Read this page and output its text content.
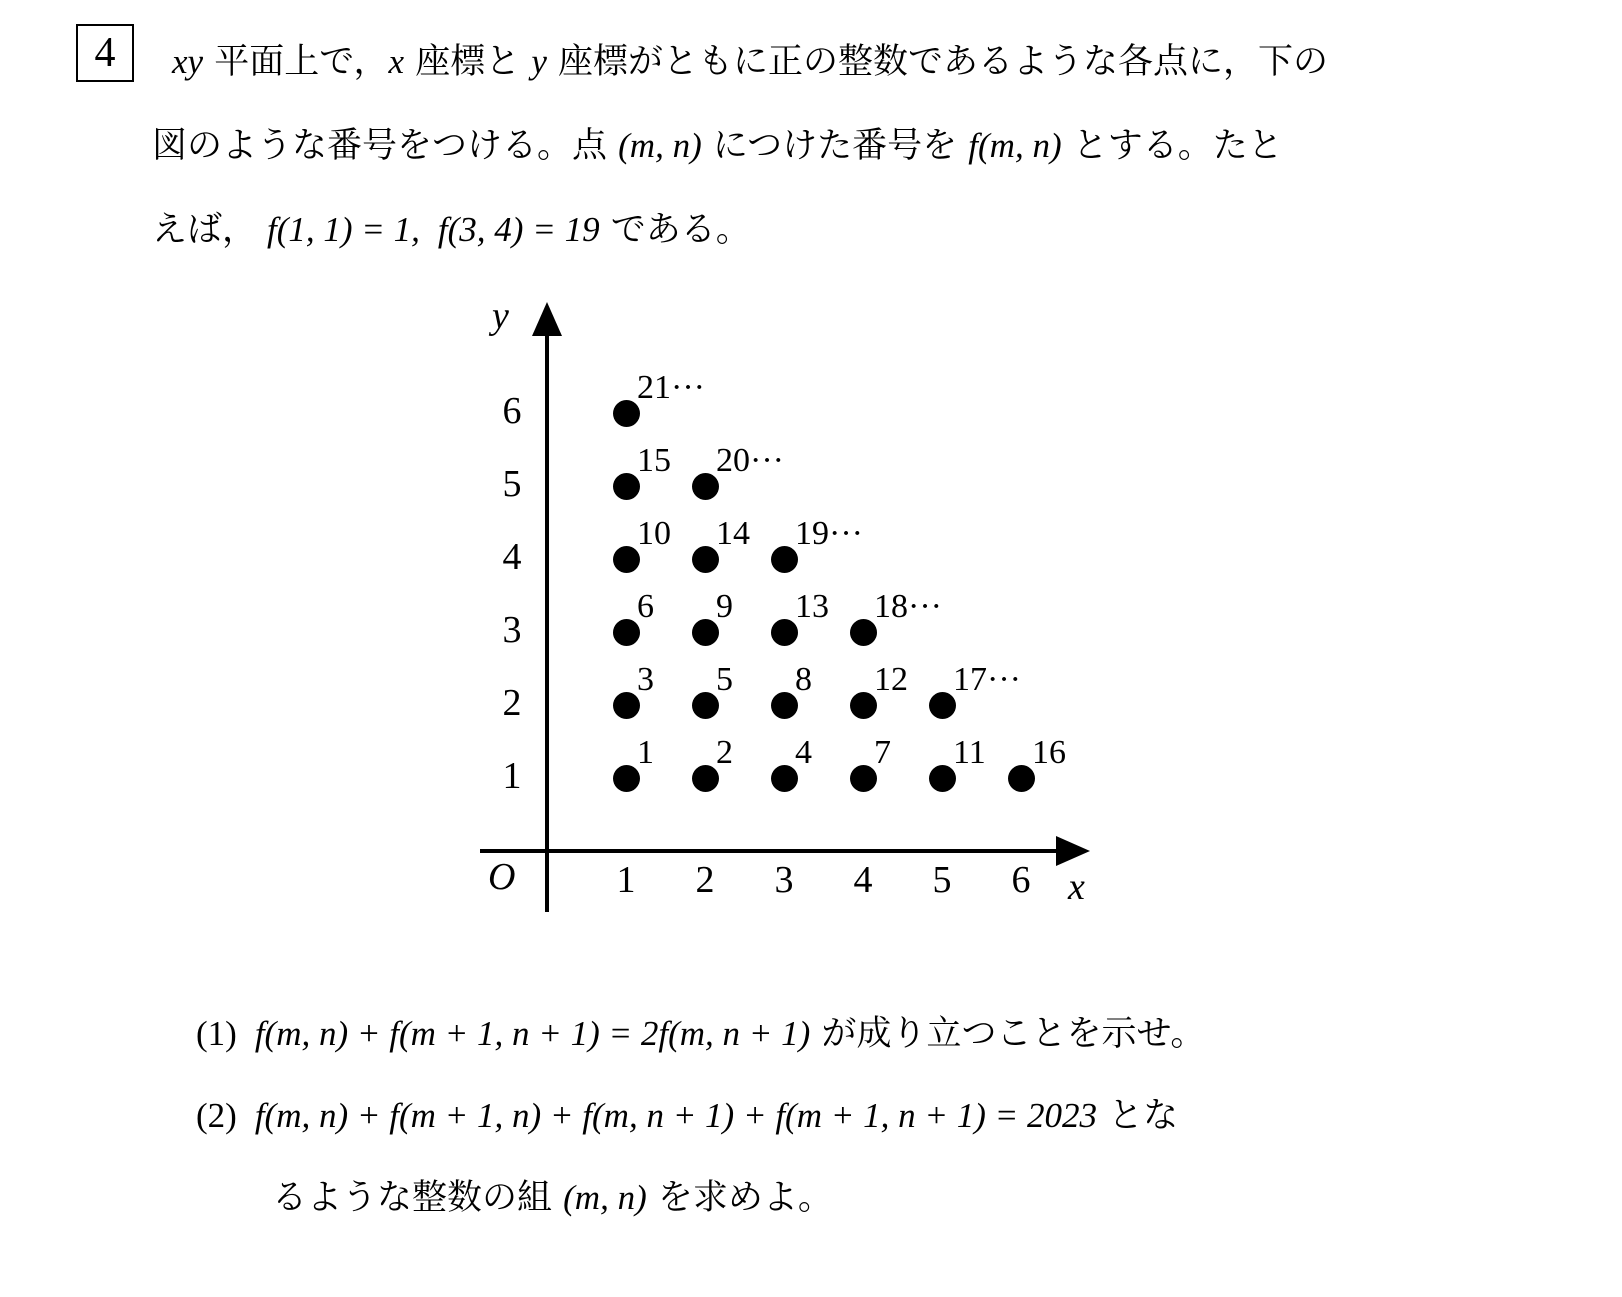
4 xy 平面上で，x 座標と y 座標がともに正の整数であるような各点に，下の
図のような番号をつける。点 (m, n) につけた番号を f(m, n) とする。たと
えば， f(1, 1) = 1, f(3, 4) = 19 である。
y
x
O	1 2 3 4 5 6
1
2
3
4
5
6
1 2 4 7 11 16
3 5 8 12 17···
6 9 13 18···
10 14 19···
15 20···
21···
(1) f(m, n) + f(m + 1, n + 1) = 2f(m, n + 1) が成り立つことを示せ。
(2) f(m, n) + f(m + 1, n) + f(m, n + 1) + f(m + 1, n + 1) = 2023 とな
るような整数の組 (m, n) を求めよ。
